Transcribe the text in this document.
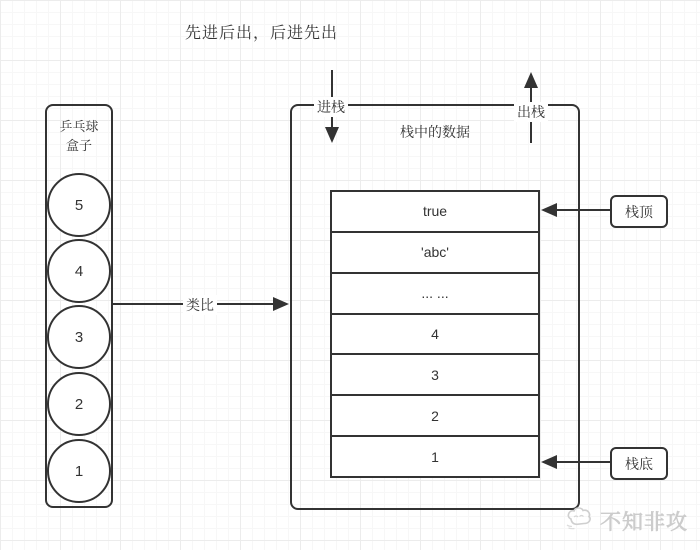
先进后出，后进先出
乒乓球
盒子
5
4
3
2
1
类比
栈中的数据
true
'abc'
... ...
4
3
2
1
进栈	出栈
栈顶
栈底
不知非攻
